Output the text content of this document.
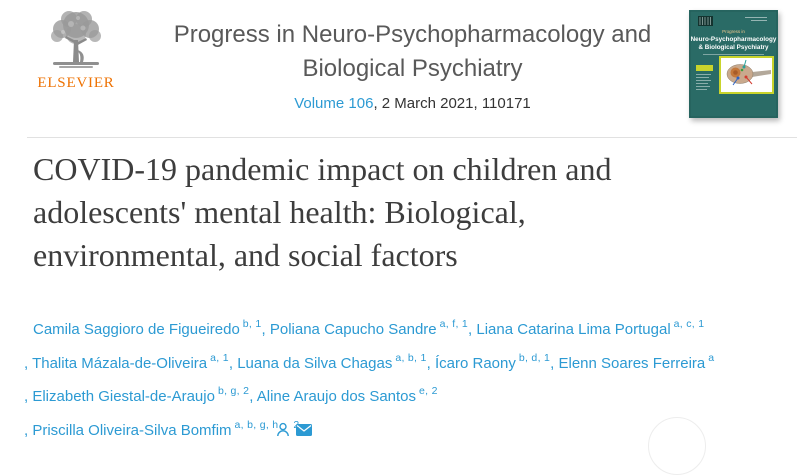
ELSEVIER
Progress in Neuro-Psychopharmacology and
Biological Psychiatry
Volume 106, 2 March 2021, 110171
Progress in
Neuro-Psychopharmacology
& Biological Psychiatry
COVID-19 pandemic impact on children and
adolescents' mental health: Biological,
environmental, and social factors
Camila Saggioro de Figueiredo $^{b, 1}$, Poliana Capucho Sandre $^{a, f, 1}$, Liana Catarina Lima Portugal $^{a, c, 1}$
, Thalita Mázala-de-Oliveira $^{a, 1}$, Luana da Silva Chagas $^{a, b, 1}$, Ícaro Raony $^{b, d, 1}$, Elenn Soares Ferreira $^a$
, Elizabeth Giestal-de-Araujo $^{b, g, 2}$, Aline Araujo dos Santos $^{e, 2}$
, Priscilla Oliveira-Silva Bomfim $^{a, b, g, h}$ $^2$
